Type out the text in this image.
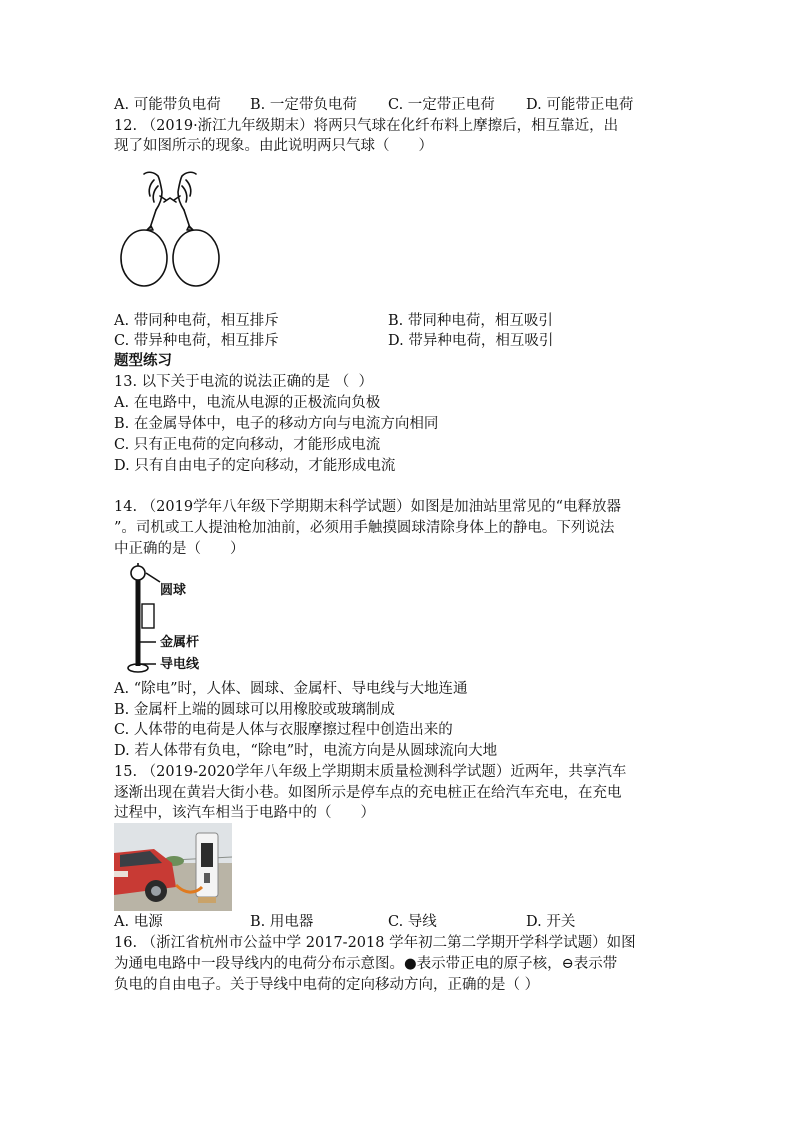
A. 可能带负电荷 B. 一定带负电荷 C. 一定带正电荷 D. 可能带正电荷
12. （2019·浙江九年级期末）将两只气球在化纤布料上摩擦后，相互靠近，出
现了如图所示的现象。由此说明两只气球（　　）
A. 带同种电荷，相互排斥	B. 带同种电荷，相互吸引
C. 带异种电荷，相互排斥	D. 带异种电荷，相互吸引
题型练习
13. 以下关于电流的说法正确的是 （  ）
A. 在电路中，电流从电源的正极流向负极
B. 在金属导体中，电子的移动方向与电流方向相同
C. 只有正电荷的定向移动，才能形成电流
D. 只有自由电子的定向移动，才能形成电流
14. （2019学年八年级下学期期末科学试题）如图是加油站里常见的“电释放器
”。司机或工人提油枪加油前，必须用手触摸圆球清除身体上的静电。下列说法
中正确的是（　　）
圆球
金属杆
导电线
A. “除电”时，人体、圆球、金属杆、导电线与大地连通
B. 金属杆上端的圆球可以用橡胶或玻璃制成
C. 人体带的电荷是人体与衣服摩擦过程中创造出来的
D. 若人体带有负电，“除电”时，电流方向是从圆球流向大地
15. （2019-2020学年八年级上学期期末质量检测科学试题）近两年，共享汽车
逐渐出现在黄岩大街小巷。如图所示是停车点的充电桩正在给汽车充电，在充电
过程中，该汽车相当于电路中的（　　）
A. 电源	B. 用电器	C. 导线	D. 开关
16. （浙江省杭州市公益中学 2017-2018 学年初二第二学期开学科学试题）如图
为通电电路中一段导线内的电荷分布示意图。●表示带正电的原子核，⊖表示带
负电的自由电子。关于导线中电荷的定向移动方向，正确的是（ ）
